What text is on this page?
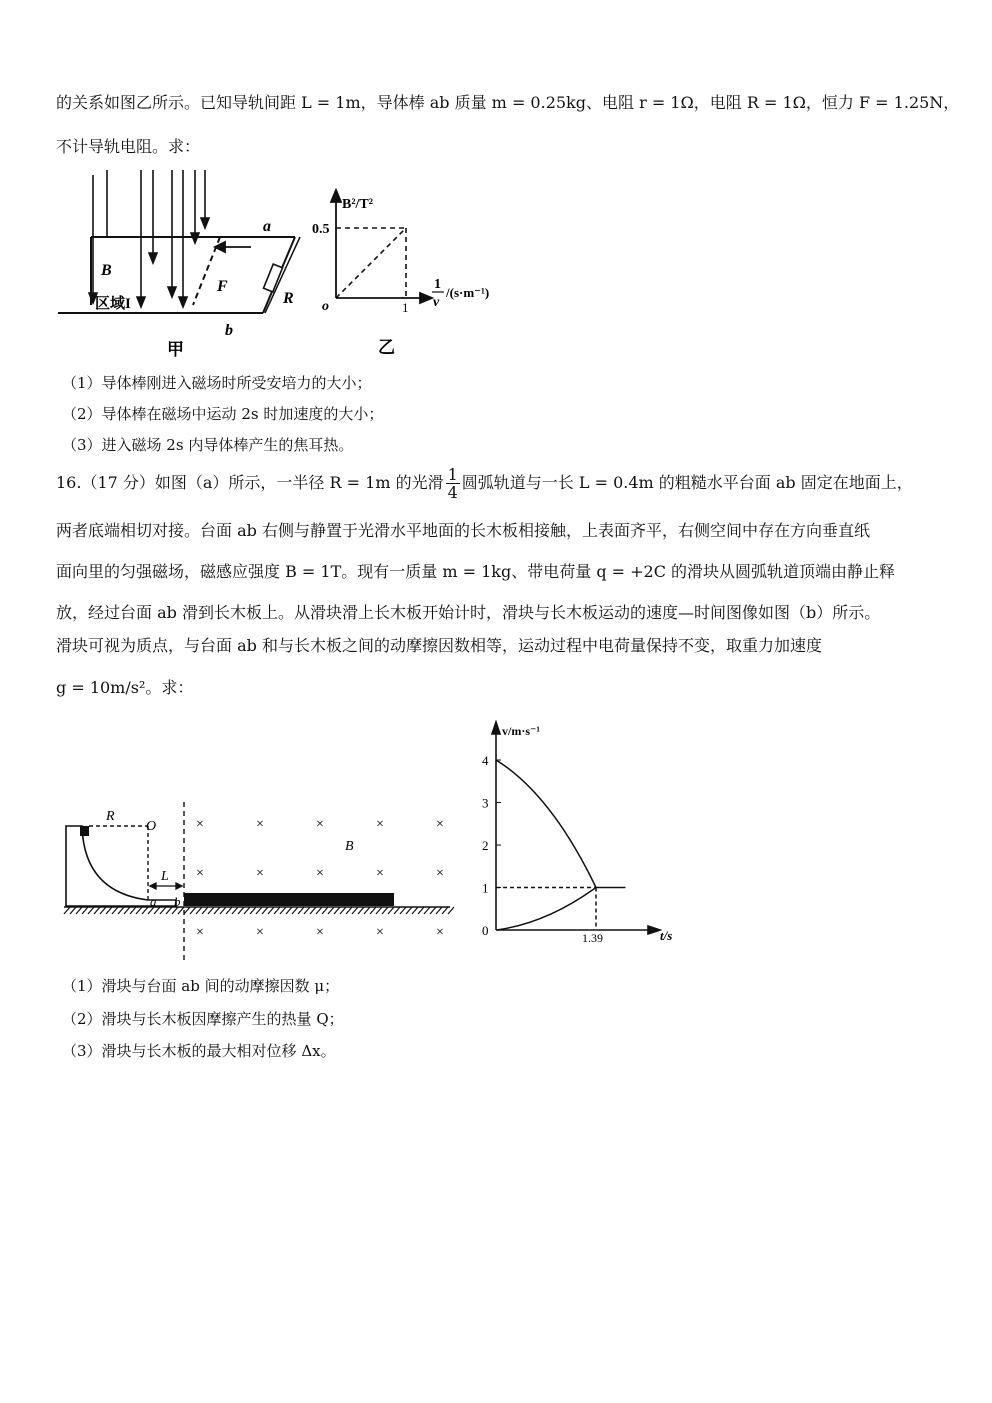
的关系如图乙所示。已知导轨间距 L = 1m，导体棒 ab 质量 m = 0.25kg、电阻 r = 1Ω，电阻 R = 1Ω，恒力 F = 1.25N，
不计导轨电阻。求：
B
a
b
F
R
区域I
甲
B²/T²
0.5
o	1
1
v
/(s·m⁻¹)
乙
（1）导体棒刚进入磁场时所受安培力的大小；
（2）导体棒在磁场中运动 2s 时加速度的大小；
（3）进入磁场 2s 内导体棒产生的焦耳热。
16.（17 分）如图（a）所示，一半径 R = 1m 的光滑 $\frac{1}{4}$ 圆弧轨道与一长 L = 0.4m 的粗糙水平台面 ab 固定在地面上，
两者底端相切对接。台面 ab 右侧与静置于光滑水平地面的长木板相接触，上表面齐平，右侧空间中存在方向垂直纸
面向里的匀强磁场，磁感应强度 B = 1T。现有一质量 m = 1kg、带电荷量 q = +2C 的滑块从圆弧轨道顶端由静止释
放，经过台面 ab 滑到长木板上。从滑块滑上长木板开始计时，滑块与长木板运动的速度—时间图像如图（b）所示。
滑块可视为质点，与台面 ab 和与长木板之间的动摩擦因数相等，运动过程中电荷量保持不变，取重力加速度
g = 10m/s²。求：
R
O
L
a b
B
×	×	×	×	×
×	×	×	×	×
×	×	×	×	×
v/m·s⁻¹
t/s
1.39
4
3
2
1
0
（1）滑块与台面 ab 间的动摩擦因数 μ；
（2）滑块与长木板因摩擦产生的热量 Q；
（3）滑块与长木板的最大相对位移 Δx。
